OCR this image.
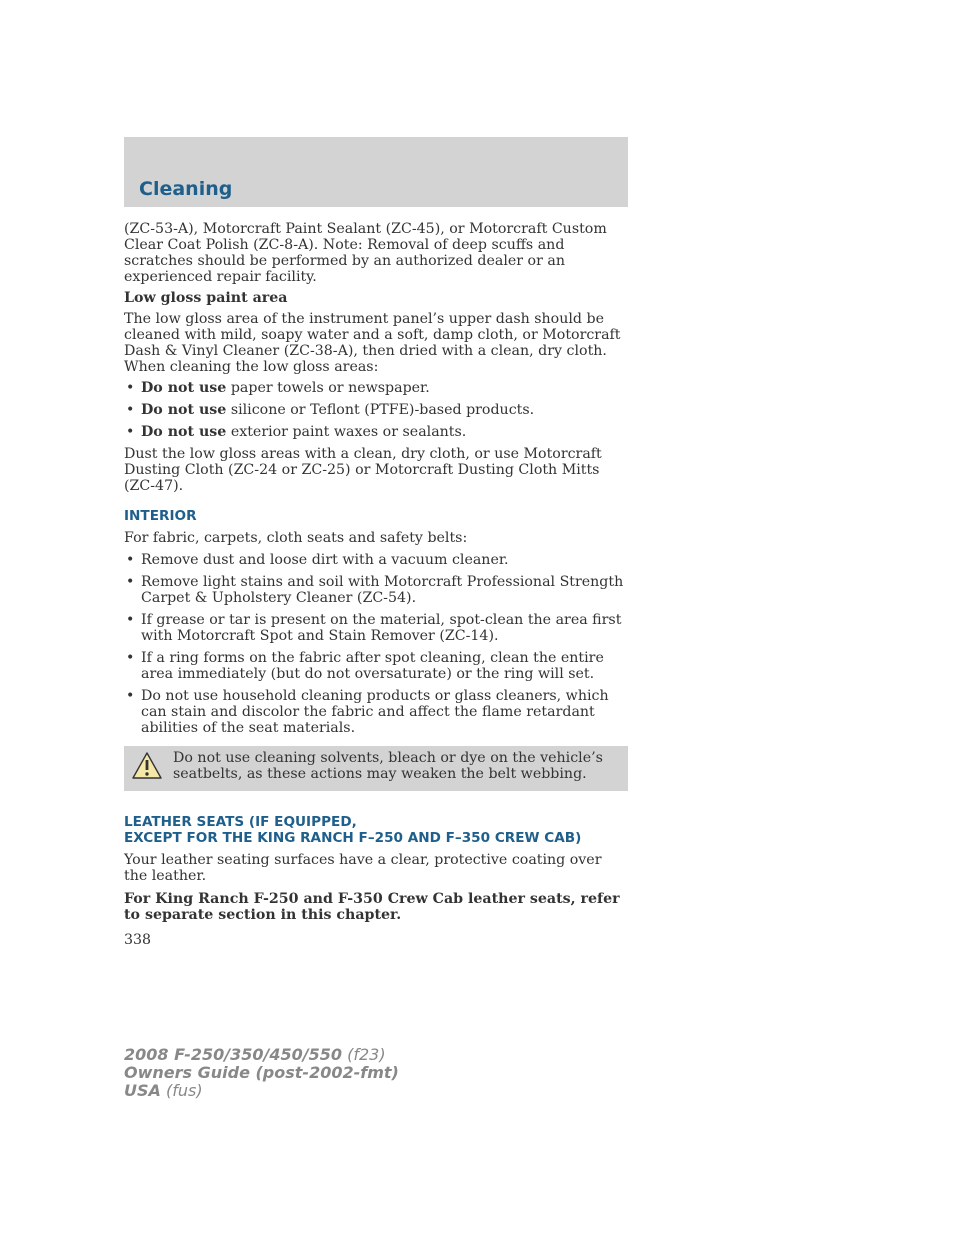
Cleaning

(ZC-53-A), Motorcraft Paint Sealant (ZC-45), or Motorcraft Custom Clear Coat Polish (ZC-8-A). Note: Removal of deep scuffs and scratches should be performed by an authorized dealer or an experienced repair facility.

Low gloss paint area

The low gloss area of the instrument panel’s upper dash should be cleaned with mild, soapy water and a soft, damp cloth, or Motorcraft Dash & Vinyl Cleaner (ZC-38-A), then dried with a clean, dry cloth. When cleaning the low gloss areas:

• Do not use paper towels or newspaper.
• Do not use silicone or Teflont (PTFE)-based products.
• Do not use exterior paint waxes or sealants.

Dust the low gloss areas with a clean, dry cloth, or use Motorcraft Dusting Cloth (ZC-24 or ZC-25) or Motorcraft Dusting Cloth Mitts (ZC-47).

INTERIOR

For fabric, carpets, cloth seats and safety belts:

• Remove dust and loose dirt with a vacuum cleaner.
• Remove light stains and soil with Motorcraft Professional Strength Carpet & Upholstery Cleaner (ZC-54).
• If grease or tar is present on the material, spot-clean the area first with Motorcraft Spot and Stain Remover (ZC-14).
• If a ring forms on the fabric after spot cleaning, clean the entire area immediately (but do not oversaturate) or the ring will set.
• Do not use household cleaning products or glass cleaners, which can stain and discolor the fabric and affect the flame retardant abilities of the seat materials.
Do not use cleaning solvents, bleach or dye on the vehicle’s seatbelts, as these actions may weaken the belt webbing.

LEATHER SEATS (IF EQUIPPED,

EXCEPT FOR THE KING RANCH F–250 AND F–350 CREW CAB)

Your leather seating surfaces have a clear, protective coating over the leather.

For King Ranch F-250 and F-350 Crew Cab leather seats, refer to separate section in this chapter.

338

2008 F-250/350/450/550 (f23)
Owners Guide (post-2002-fmt)
USA (fus)
